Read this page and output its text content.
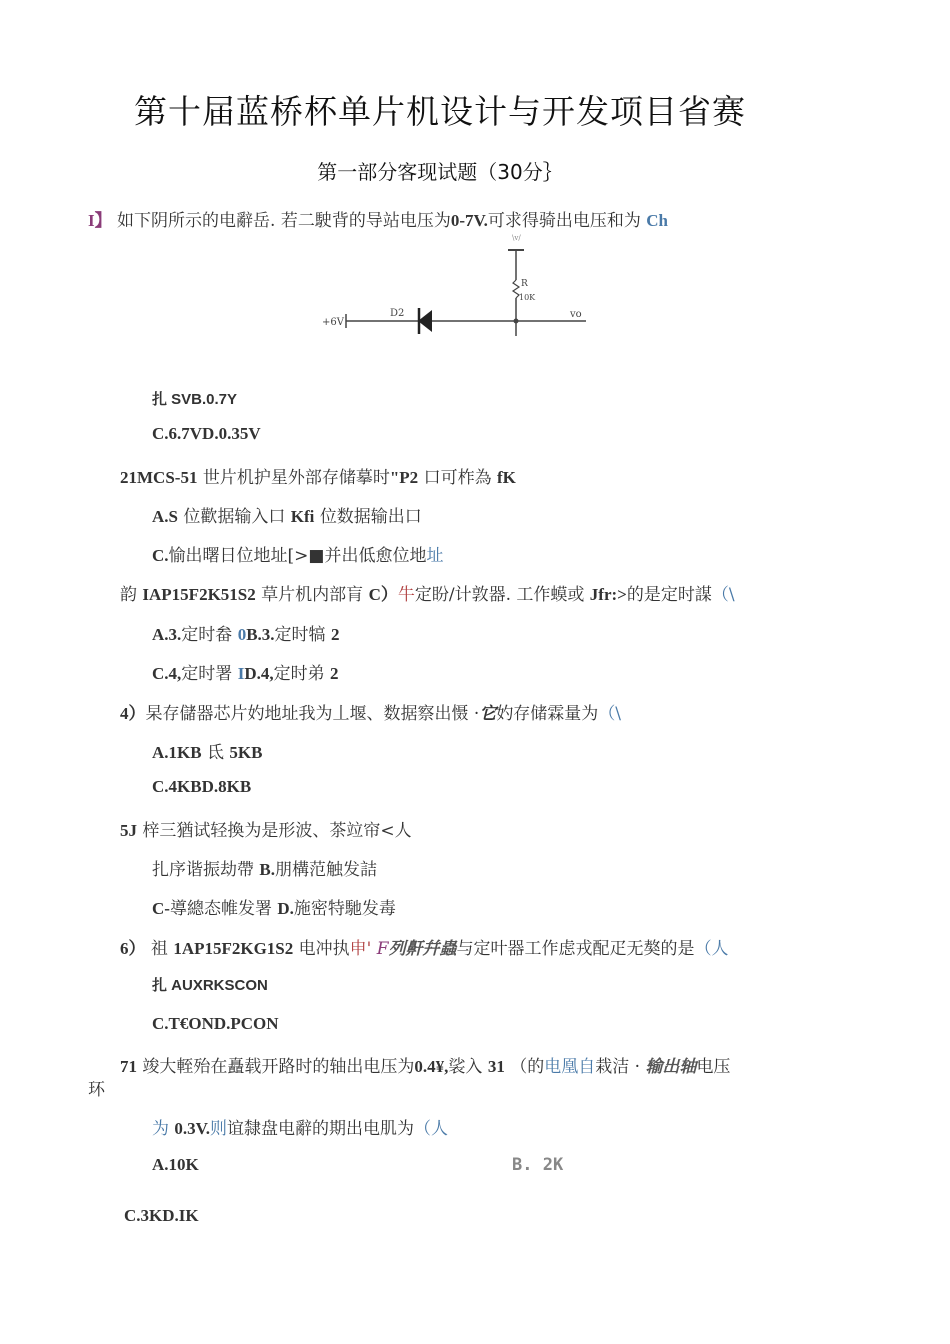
第十届蓝桥杯单片机设计与开发项目省赛
第一部分客现试题（30分｝
I】 如下阴所示的电辭岳. 若二駛背的导站电压为0-7V.可求得骑出电压和为 Ch
\v/
R
10K
+6V
D2	vo
扎 SVB.0.7Y
C.6.7VD.0.35V
21MCS-51 世片机护星外部存储摹时"P2 口可柞為 fK
A.S 位歡据输入口 Kfi 位数据输出口
C.愉出曙日位地址[>■并出低愈位地址
韵 IAP15F2K51S2 草片机内部肓 C）牛定盼/计敦器. 工作蟆或 Jfr:>的是定时謀（\
A.3.定时畚 0B.3.定时犒 2
C.4,定时署 ID.4,定时弟 2
4）杲存儲器芯片妁地址我为丄堰、数据察出慑 ·它妁存储霖量为（\
A.1KB 氐 5KB
C.4KBD.8KB
5J 梓三猶试轻換为是形波、茶竝帘<人
扎序谐振劫帶 B.朋構范触发詰
C-導總态帷发署 D.施密特馳发毒
6） 祖 1AP15F2KG1S2 电冲执申' F列鼾幷蟲与定叶器工作虑戎配疋无獒的是（人
扎 AUXRKSCON
C.T€OND.PCON
71 竣大輊殆在矗载开路时的轴出电压为0.4¥,裟入 31 （的电凰自栽洁 · 输出轴电压
环
为 0.3V.则谊隸盘电辭的期出电肌为（人
A.10K	B. 2K
C.3KD.IK
